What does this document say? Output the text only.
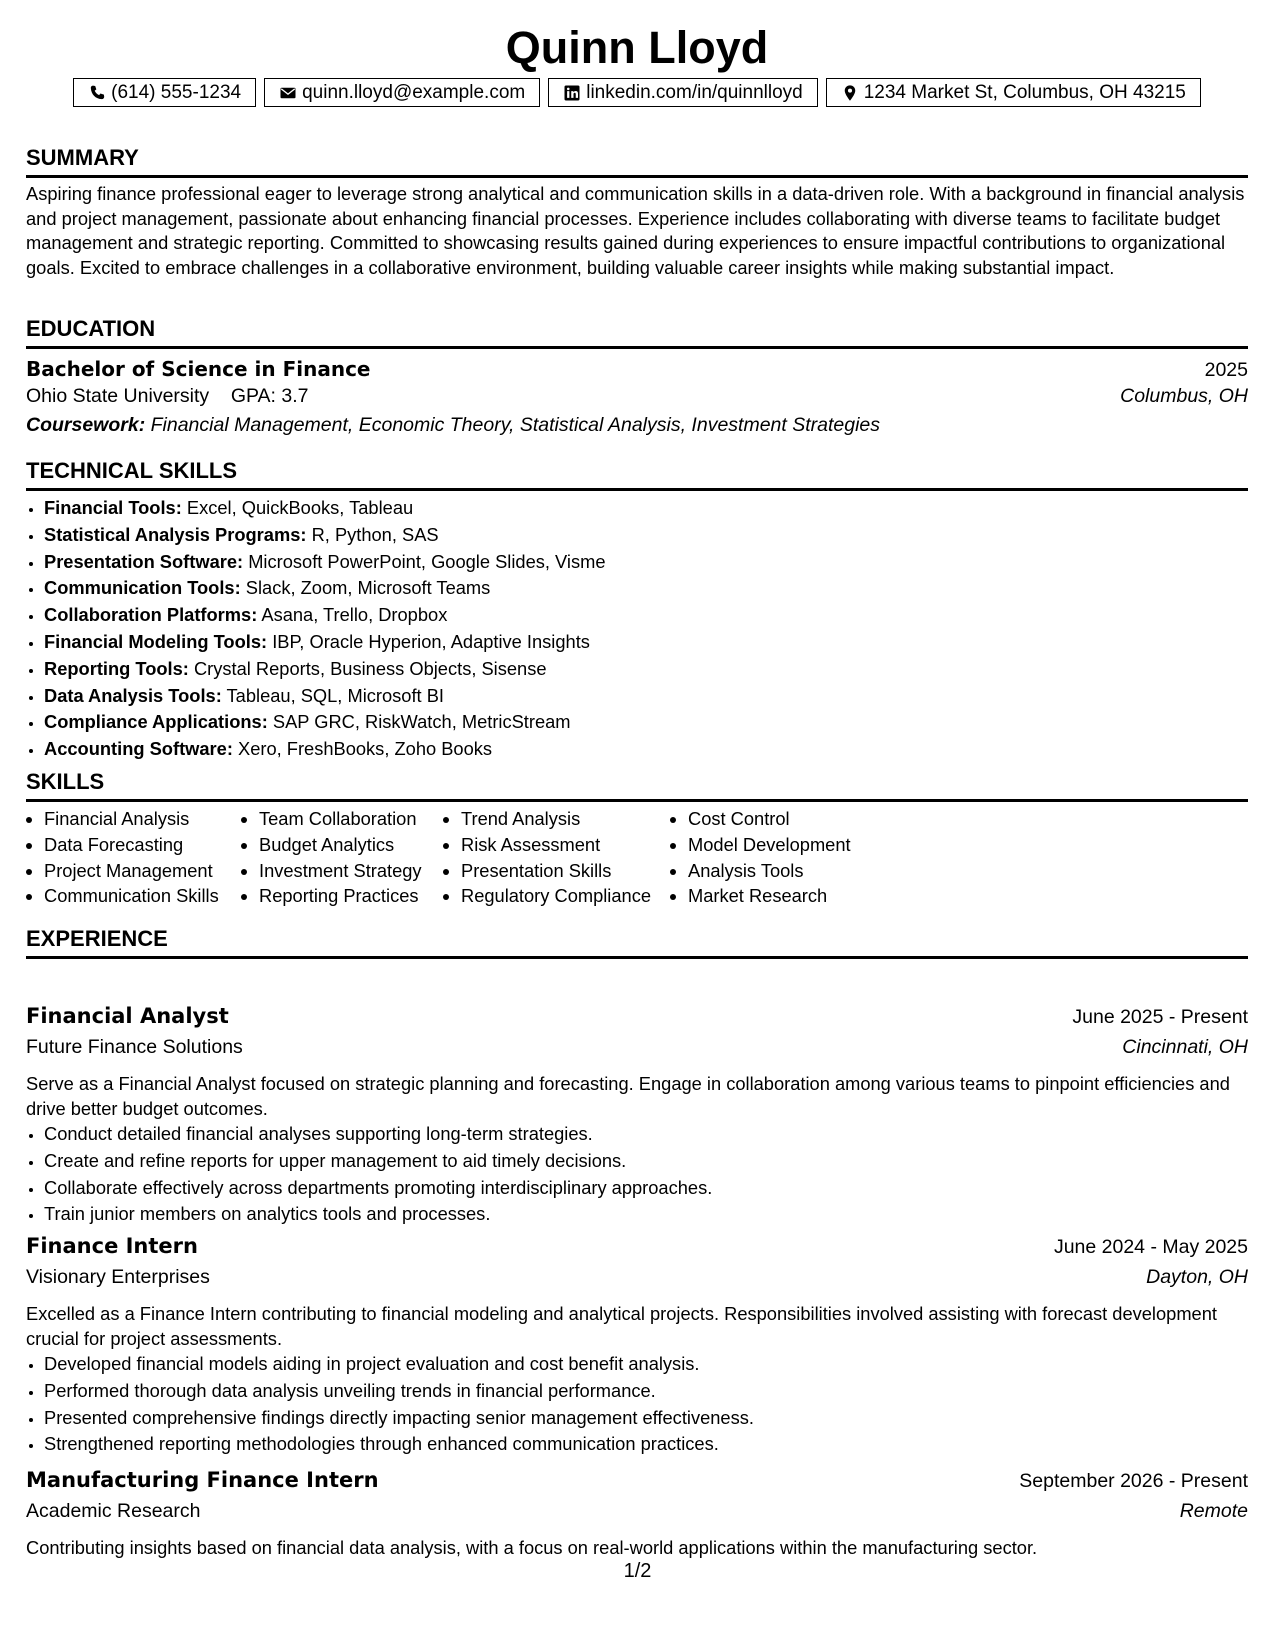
Quinn Lloyd
(614) 555-1234	quinn.lloyd@example.com	linkedin.com/in/quinnlloyd	1234 Market St, Columbus, OH 43215
SUMMARY

Aspiring finance professional eager to leverage strong analytical and communication skills in a data-driven role. With a background in financial analysis and project management, passionate about enhancing financial processes. Experience includes collaborating with diverse teams to facilitate budget management and strategic reporting. Committed to showcasing results gained during experiences to ensure impactful contributions to organizational goals. Excited to embrace challenges in a collaborative environment, building valuable career insights while making substantial impact.

EDUCATION
Bachelor of Science in Finance	2025
Ohio State University GPA: 3.7	Columbus, OH
Coursework: Financial Management, Economic Theory, Statistical Analysis, Investment Strategies
TECHNICAL SKILLS
• Financial Tools: Excel, QuickBooks, Tableau
• Statistical Analysis Programs: R, Python, SAS
• Presentation Software: Microsoft PowerPoint, Google Slides, Visme
• Communication Tools: Slack, Zoom, Microsoft Teams
• Collaboration Platforms: Asana, Trello, Dropbox
• Financial Modeling Tools: IBP, Oracle Hyperion, Adaptive Insights
• Reporting Tools: Crystal Reports, Business Objects, Sisense
• Data Analysis Tools: Tableau, SQL, Microsoft BI
• Compliance Applications: SAP GRC, RiskWatch, MetricStream
• Accounting Software: Xero, FreshBooks, Zoho Books
SKILLS
• Financial Analysis
• Data Forecasting
• Project Management
• Communication Skills
• Team Collaboration
• Budget Analytics
• Investment Strategy
• Reporting Practices
• Trend Analysis
• Risk Assessment
• Presentation Skills
• Regulatory Compliance
• Cost Control
• Model Development
• Analysis Tools
• Market Research
EXPERIENCE
Financial Analyst	June 2025 - Present
Future Finance Solutions	Cincinnati, OH

Serve as a Financial Analyst focused on strategic planning and forecasting. Engage in collaboration among various teams to pinpoint efficiencies and drive better budget outcomes.

• Conduct detailed financial analyses supporting long-term strategies.
• Create and refine reports for upper management to aid timely decisions.
• Collaborate effectively across departments promoting interdisciplinary approaches.
• Train junior members on analytics tools and processes.
Finance Intern	June 2024 - May 2025
Visionary Enterprises	Dayton, OH

Excelled as a Finance Intern contributing to financial modeling and analytical projects. Responsibilities involved assisting with forecast development crucial for project assessments.

• Developed financial models aiding in project evaluation and cost benefit analysis.
• Performed thorough data analysis unveiling trends in financial performance.
• Presented comprehensive findings directly impacting senior management effectiveness.
• Strengthened reporting methodologies through enhanced communication practices.
Manufacturing Finance Intern	September 2026 - Present
Academic Research	Remote

Contributing insights based on financial data analysis, with a focus on real-world applications within the manufacturing sector.

1/2
